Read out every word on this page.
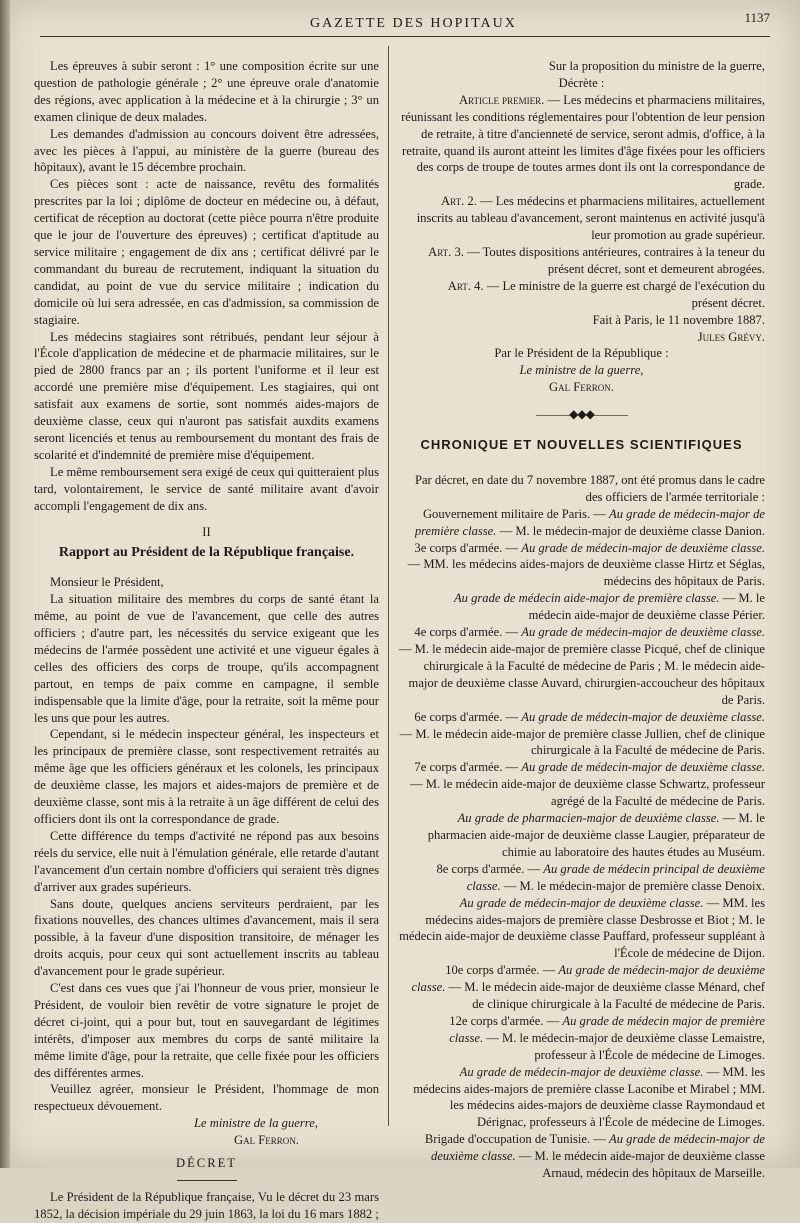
GAZETTE DES HOPITAUX	1137

Les épreuves à subir seront : 1° une composition écrite sur une question de pathologie générale ; 2° une épreuve orale d'anatomie des régions, avec application à la médecine et à la chirurgie ; 3° un examen clinique de deux malades.

Les demandes d'admission au concours doivent être adressées, avec les pièces à l'appui, au ministère de la guerre (bureau des hôpitaux), avant le 15 décembre prochain.

Ces pièces sont : acte de naissance, revêtu des formalités prescrites par la loi ; diplôme de docteur en médecine ou, à défaut, certificat de réception au doctorat (cette pièce pourra n'être produite que le jour de l'ouverture des épreuves) ; certificat d'aptitude au service militaire ; engagement de dix ans ; certificat délivré par le commandant du bureau de recrutement, indiquant la situation du candidat, au point de vue du service militaire ; indication du domicile où lui sera adressée, en cas d'admission, sa commission de stagiaire.

Les médecins stagiaires sont rétribués, pendant leur séjour à l'École d'application de médecine et de pharmacie militaires, sur le pied de 2800 francs par an ; ils portent l'uniforme et il leur est accordé une première mise d'équipement. Les stagiaires, qui ont satisfait aux examens de sortie, sont nommés aides-majors de deuxième classe, ceux qui n'auront pas satisfait auxdits examens seront licenciés et tenus au remboursement du montant des frais de scolarité et d'indemnité de première mise d'équipement.

Le même remboursement sera exigé de ceux qui quitteraient plus tard, volontairement, le service de santé militaire avant d'avoir accompli l'engagement de dix ans.

II

Rapport au Président de la République française.

Monsieur le Président,

La situation militaire des membres du corps de santé étant la même, au point de vue de l'avancement, que celle des autres officiers ; d'autre part, les nécessités du service exigeant que les médecins de l'armée possèdent une activité et une vigueur égales à celles des officiers des corps de troupe, qu'ils accompagnent partout, en temps de paix comme en campagne, il semble indispensable que la limite d'âge, pour la retraite, soit la même pour les uns que pour les autres.

Cependant, si le médecin inspecteur général, les inspecteurs et les principaux de première classe, sont respectivement retraités au même âge que les officiers généraux et les colonels, les principaux de deuxième classe, les majors et aides-majors de première et de deuxième classe, sont mis à la retraite à un âge différent de celui des officiers dont ils ont la correspondance de grade.

Cette différence du temps d'activité ne répond pas aux besoins réels du service, elle nuit à l'émulation générale, elle retarde d'autant l'avancement d'un certain nombre d'officiers qui seraient très dignes d'arriver aux grades supérieurs.

Sans doute, quelques anciens serviteurs perdraient, par les fixations nouvelles, des chances ultimes d'avancement, mais il sera possible, à la faveur d'une disposition transitoire, de ménager les droits acquis, pour ceux qui sont actuellement inscrits au tableau d'avancement pour le grade supérieur.

C'est dans ces vues que j'ai l'honneur de vous prier, monsieur le Président, de vouloir bien revêtir de votre signature le projet de décret ci-joint, qui a pour but, tout en sauvegardant de légitimes intérêts, d'imposer aux membres du corps de santé militaire la même limite d'âge, pour la retraite, que celle fixée pour les officiers des différentes armes.

Veuillez agréer, monsieur le Président, l'hommage de mon respectueux dévouement.

Le ministre de la guerre,

Gal Ferron.

DÉCRET

Le Président de la République française, Vu le décret du 23 mars 1852, la décision impériale du 29 juin 1863, la loi du 16 mars 1882 ;

Sur la proposition du ministre de la guerre,

Décrète :

Article premier. — Les médecins et pharmaciens militaires, réunissant les conditions réglementaires pour l'obtention de leur pension de retraite, à titre d'ancienneté de service, seront admis, d'office, à la retraite, quand ils auront atteint les limites d'âge fixées pour les officiers des corps de troupe de toutes armes dont ils ont la correspondance de grade.

Art. 2. — Les médecins et pharmaciens militaires, actuellement inscrits au tableau d'avancement, seront maintenus en activité jusqu'à leur promotion au grade supérieur.

Art. 3. — Toutes dispositions antérieures, contraires à la teneur du présent décret, sont et demeurent abrogées.

Art. 4. — Le ministre de la guerre est chargé de l'exécution du présent décret.

Fait à Paris, le 11 novembre 1887.

Jules Grévy.

Par le Président de la République :

Le ministre de la guerre,

Gal Ferron.

———◆◆◆———

CHRONIQUE ET NOUVELLES SCIENTIFIQUES

Par décret, en date du 7 novembre 1887, ont été promus dans le cadre des officiers de l'armée territoriale :

Gouvernement militaire de Paris. — Au grade de médecin-major de première classe. — M. le médecin-major de deuxième classe Danion.

3e corps d'armée. — Au grade de médecin-major de deuxième classe. — MM. les médecins aides-majors de deuxième classe Hirtz et Séglas, médecins des hôpitaux de Paris.

Au grade de médecin aide-major de première classe. — M. le médecin aide-major de deuxième classe Périer.

4e corps d'armée. — Au grade de médecin-major de deuxième classe. — M. le médecin aide-major de première classe Picqué, chef de clinique chirurgicale à la Faculté de médecine de Paris ; M. le médecin aide-major de deuxième classe Auvard, chirurgien-accoucheur des hôpitaux de Paris.

6e corps d'armée. — Au grade de médecin-major de deuxième classe. — M. le médecin aide-major de première classe Jullien, chef de clinique chirurgicale à la Faculté de médecine de Paris.

7e corps d'armée. — Au grade de médecin-major de deuxième classe. — M. le médecin aide-major de deuxième classe Schwartz, professeur agrégé de la Faculté de médecine de Paris.

Au grade de pharmacien-major de deuxième classe. — M. le pharmacien aide-major de deuxième classe Laugier, préparateur de chimie au laboratoire des hautes études au Muséum.

8e corps d'armée. — Au grade de médecin principal de deuxième classe. — M. le médecin-major de première classe Denoix.

Au grade de médecin-major de deuxième classe. — MM. les médecins aides-majors de première classe Desbrosse et Biot ; M. le médecin aide-major de deuxième classe Pauffard, professeur suppléant à l'École de médecine de Dijon.

10e corps d'armée. — Au grade de médecin-major de deuxième classe. — M. le médecin aide-major de deuxième classe Ménard, chef de clinique chirurgicale à la Faculté de médecine de Paris.

12e corps d'armée. — Au grade de médecin major de première classe. — M. le médecin-major de deuxième classe Lemaistre, professeur à l'École de médecine de Limoges.

Au grade de médecin-major de deuxième classe. — MM. les médecins aides-majors de première classe Laconibe et Mirabel ; MM. les médecins aides-majors de deuxième classe Raymondaud et Dérignac, professeurs à l'École de médecine de Limoges.

Brigade d'occupation de Tunisie. — Au grade de médecin-major de deuxième classe. — M. le médecin aide-major de deuxième classe Arnaud, médecin des hôpitaux de Marseille.
